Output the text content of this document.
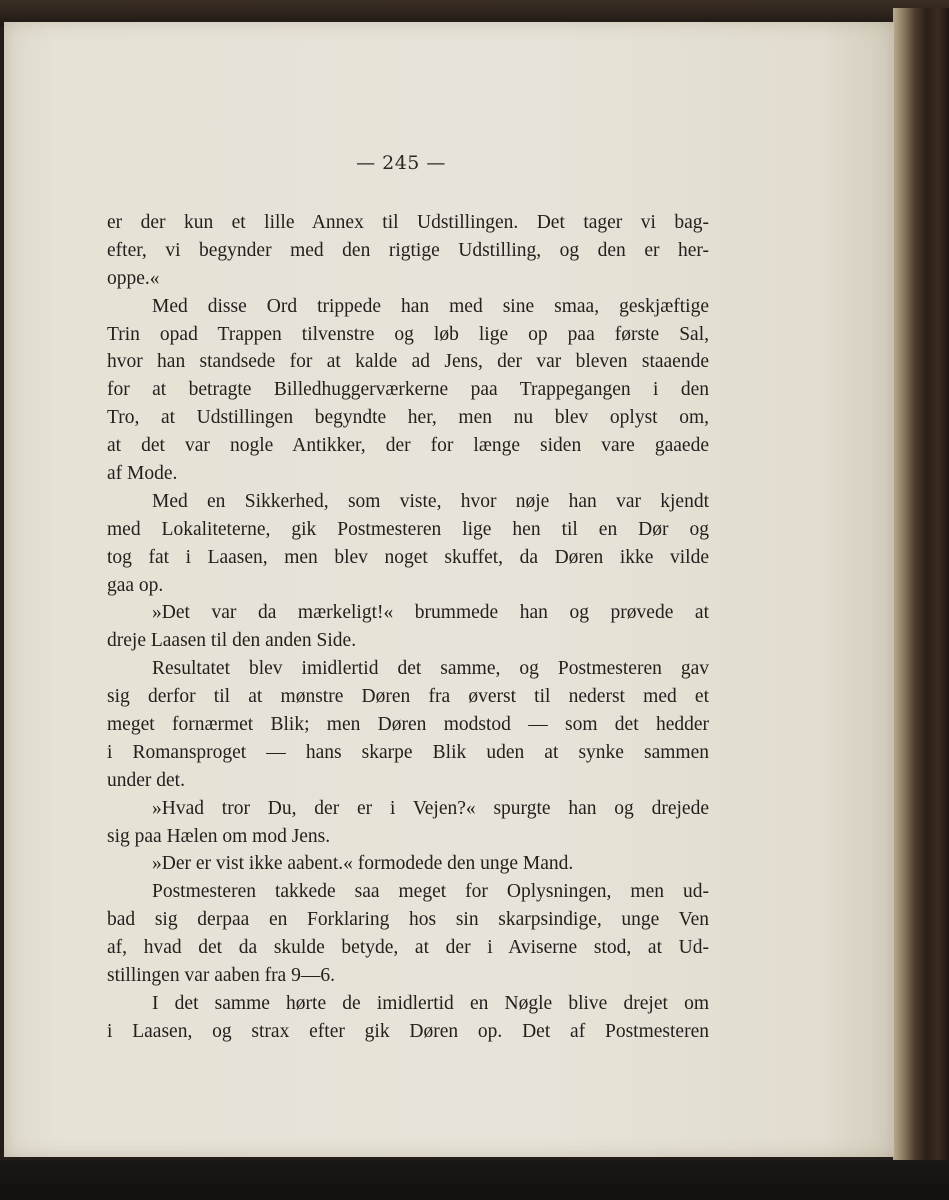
— 245 —
er der kun et lille Annex til Udstillingen. Det tager vi bag-
efter, vi begynder med den rigtige Udstilling, og den er her-
oppe.«
Med disse Ord trippede han med sine smaa, geskjæftige
Trin opad Trappen tilvenstre og løb lige op paa første Sal,
hvor han standsede for at kalde ad Jens, der var bleven staaende
for at betragte Billedhuggerværkerne paa Trappegangen i den
Tro, at Udstillingen begyndte her, men nu blev oplyst om,
at det var nogle Antikker, der for længe siden vare gaaede
af Mode.
Med en Sikkerhed, som viste, hvor nøje han var kjendt
med Lokaliteterne, gik Postmesteren lige hen til en Dør og
tog fat i Laasen, men blev noget skuffet, da Døren ikke vilde
gaa op.
»Det var da mærkeligt!« brummede han og prøvede at
dreje Laasen til den anden Side.
Resultatet blev imidlertid det samme, og Postmesteren gav
sig derfor til at mønstre Døren fra øverst til nederst med et
meget fornærmet Blik; men Døren modstod — som det hedder
i Romansproget — hans skarpe Blik uden at synke sammen
under det.
»Hvad tror Du, der er i Vejen?« spurgte han og drejede
sig paa Hælen om mod Jens.
»Der er vist ikke aabent.« formodede den unge Mand.
Postmesteren takkede saa meget for Oplysningen, men ud-
bad sig derpaa en Forklaring hos sin skarpsindige, unge Ven
af, hvad det da skulde betyde, at der i Aviserne stod, at Ud-
stillingen var aaben fra 9—6.
I det samme hørte de imidlertid en Nøgle blive drejet om
i Laasen, og strax efter gik Døren op. Det af Postmesteren
